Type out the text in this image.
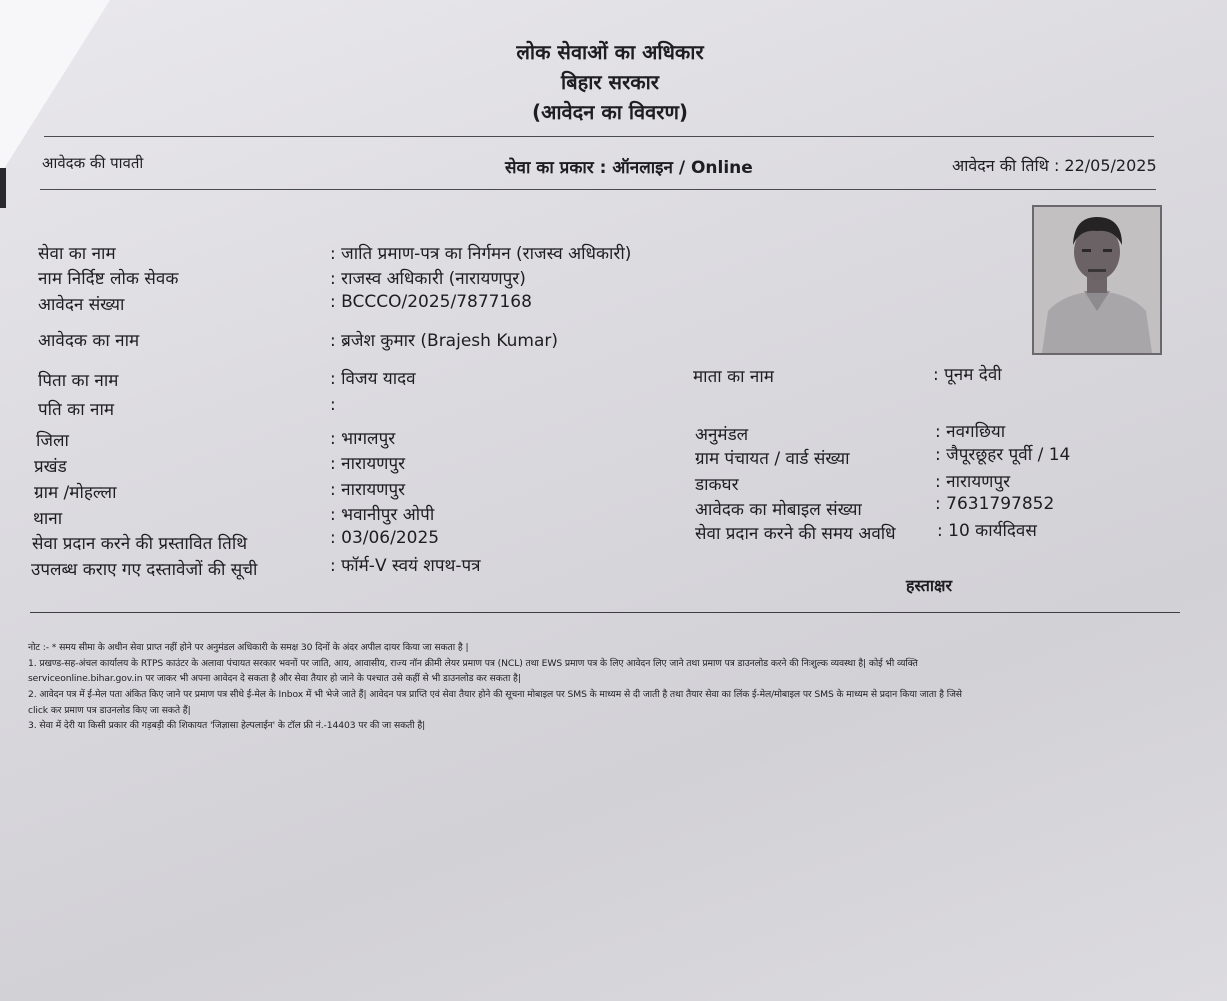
लोक सेवाओं का अधिकार
बिहार सरकार
(आवेदन का विवरण)
आवेदक की पावती	सेवा का प्रकार : ऑनलाइन / Online	आवेदन की तिथि : 22/05/2025
सेवा का नाम	: जाति प्रमाण-पत्र का निर्गमन (राजस्व अधिकारी)
नाम निर्दिष्ट लोक सेवक	: राजस्व अधिकारी (नारायणपुर)
आवेदन संख्या	: BCCCO/2025/7877168
आवेदक का नाम	: ब्रजेश कुमार (Brajesh Kumar)
पिता का नाम	: विजय यादव
पति का नाम	:
जिला	: भागलपुर
प्रखंड	: नारायणपुर
ग्राम /मोहल्ला	: नारायणपुर
थाना	: भवानीपुर ओपी
सेवा प्रदान करने की प्रस्तावित तिथि	: 03/06/2025
उपलब्ध कराए गए दस्तावेजों की सूची	: फॉर्म-V स्वयं शपथ-पत्र
माता का नाम	: पूनम देवी
अनुमंडल	: नवगछिया
ग्राम पंचायत / वार्ड संख्या	: जैपूरछूहर पूर्वी / 14
डाकघर	: नारायणपुर
आवेदक का मोबाइल संख्या	: 7631797852
सेवा प्रदान करने की समय अवधि : 10 कार्यदिवस
हस्ताक्षर
नोट :- * समय सीमा के अधीन सेवा प्राप्त नहीं होने पर अनुमंडल अधिकारी के समक्ष 30 दिनों के अंदर अपील दायर किया जा सकता है |
1. प्रखण्ड-सह-अंचल कार्यालय के RTPS काउंटर के अलावा पंचायत सरकार भवनों पर जाति, आय, आवासीय, राज्य नॉन क्रीमी लेयर प्रमाण पत्र (NCL) तथा EWS प्रमाण पत्र के लिए आवेदन लिए जाने तथा प्रमाण पत्र डाउनलोड करने की निःशुल्क व्यवस्था है| कोई भी व्यक्ति
serviceonline.bihar.gov.in पर जाकर भी अपना आवेदन दे सकता है और सेवा तैयार हो जाने के पश्चात उसे कहीं से भी डाउनलोड कर सकता है|
2. आवेदन पत्र में ई-मेल पता अंकित किए जाने पर प्रमाण पत्र सीधे ई-मेल के Inbox में भी भेजे जाते हैं| आवेदन पत्र प्राप्ति एवं सेवा तैयार होने की सूचना मोबाइल पर SMS के माध्यम से दी जाती है तथा तैयार सेवा का लिंक ई-मेल/मोबाइल पर SMS के माध्यम से प्रदान किया जाता है जिसे
click कर प्रमाण पत्र डाउनलोड किए जा सकते हैं|
3. सेवा में देरी या किसी प्रकार की गड़बड़ी की शिकायत 'जिज्ञासा हेल्पलाईन' के टॉल फ्री नं.-14403 पर की जा सकती है|
